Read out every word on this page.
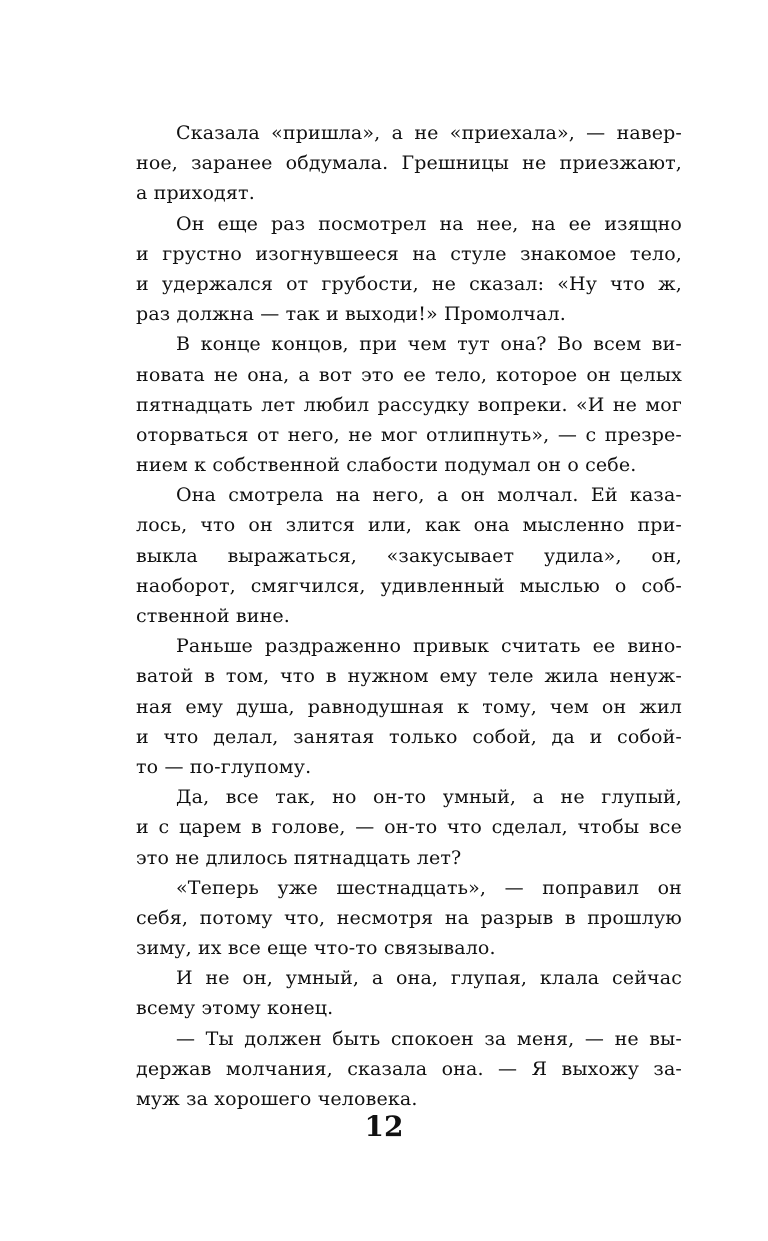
Сказала «пришла», а не «приехала», — навер-
ное, заранее обдумала. Грешницы не приезжают,
а приходят.
Он еще раз посмотрел на нее, на ее изящно
и грустно изогнувшееся на стуле знакомое тело,
и удержался от грубости, не сказал: «Ну что ж,
раз должна — так и выходи!» Промолчал.
В конце концов, при чем тут она? Во всем ви-
новата не она, а вот это ее тело, которое он целых
пятнадцать лет любил рассудку вопреки. «И не мог
оторваться от него, не мог отлипнуть», — с презре-
нием к собственной слабости подумал он о себе.
Она смотрела на него, а он молчал. Ей каза-
лось, что он злится или, как она мысленно при-
выкла выражаться, «закусывает удила», он,
наоборот, смягчился, удивленный мыслью о соб-
ственной вине.
Раньше раздраженно привык считать ее вино-
ватой в том, что в нужном ему теле жила ненуж-
ная ему душа, равнодушная к тому, чем он жил
и что делал, занятая только собой, да и собой-
то — по-глупому.
Да, все так, но он-то умный, а не глупый,
и с царем в голове, — он-то что сделал, чтобы все
это не длилось пятнадцать лет?
«Теперь уже шестнадцать», — поправил он
себя, потому что, несмотря на разрыв в прошлую
зиму, их все еще что-то связывало.
И не он, умный, а она, глупая, клала сейчас
всему этому конец.
— Ты должен быть спокоен за меня, — не вы-
держав молчания, сказала она. — Я выхожу за-
муж за хорошего человека.
12
